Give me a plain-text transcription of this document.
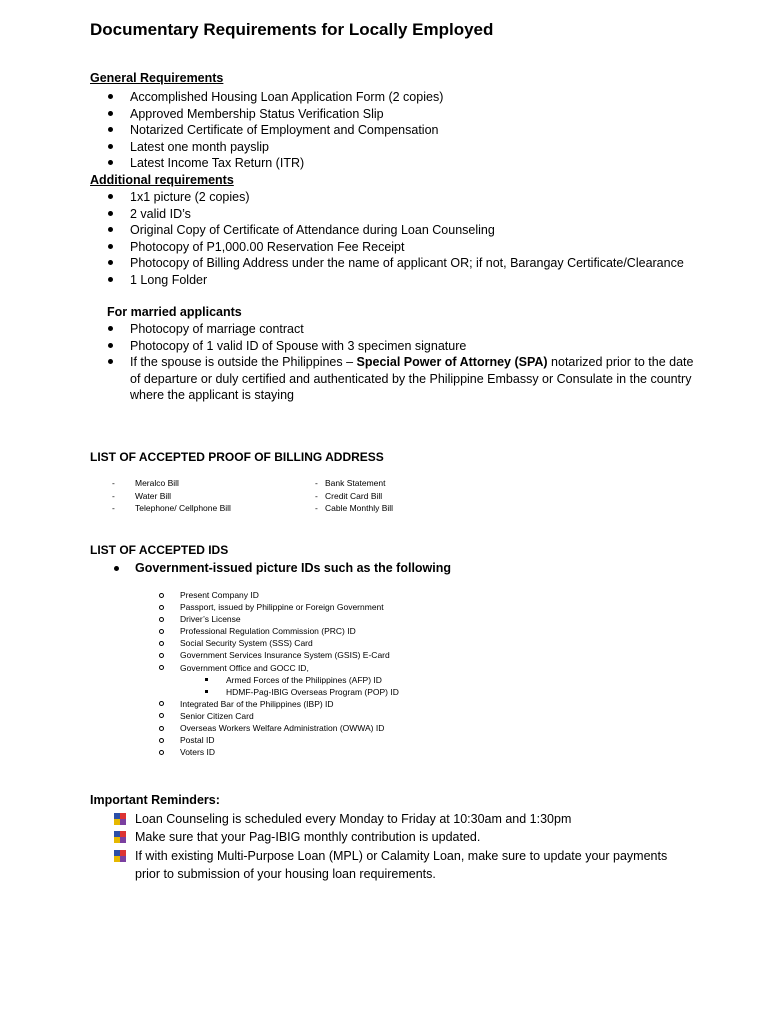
Documentary Requirements for Locally Employed
General Requirements
Accomplished Housing Loan Application Form (2 copies)
Approved Membership Status Verification Slip
Notarized Certificate of Employment and Compensation
Latest one month payslip
Latest Income Tax Return (ITR)
Additional requirements
1x1 picture (2 copies)
2 valid ID’s
Original Copy of Certificate of Attendance during Loan Counseling
Photocopy of P1,000.00 Reservation Fee Receipt
Photocopy of Billing Address under the name of applicant OR; if not, Barangay Certificate/Clearance
1 Long Folder
For married applicants
Photocopy of marriage contract
Photocopy of 1 valid ID of Spouse with 3 specimen signature
If the spouse is outside the Philippines – Special Power of Attorney (SPA) notarized prior to the date of departure or duly certified and authenticated by the Philippine Embassy or Consulate in the country where the applicant is staying
LIST OF ACCEPTED PROOF OF BILLING ADDRESS
- Meralco Bill
- Water Bill
- Telephone/ Cellphone Bill
- Bank Statement
- Credit Card Bill
- Cable Monthly Bill
LIST OF ACCEPTED IDS
Government-issued picture IDs such as the following
Present Company ID
Passport, issued by Philippine or Foreign Government
Driver’s License
Professional Regulation Commission (PRC) ID
Social Security System (SSS) Card
Government Services Insurance System (GSIS) E-Card
Government Office and GOCC ID,
Armed Forces of the Philippines (AFP) ID
HDMF-Pag-IBIG Overseas Program (POP) ID
Integrated Bar of the Philippines (IBP) ID
Senior Citizen Card
Overseas Workers Welfare Administration (OWWA) ID
Postal ID
Voters ID
Important Reminders:
Loan Counseling is scheduled every Monday to Friday at 10:30am and 1:30pm
Make sure that your Pag-IBIG monthly contribution is updated.
If with existing Multi-Purpose Loan (MPL) or Calamity Loan, make sure to update your payments prior to submission of your housing loan requirements.
